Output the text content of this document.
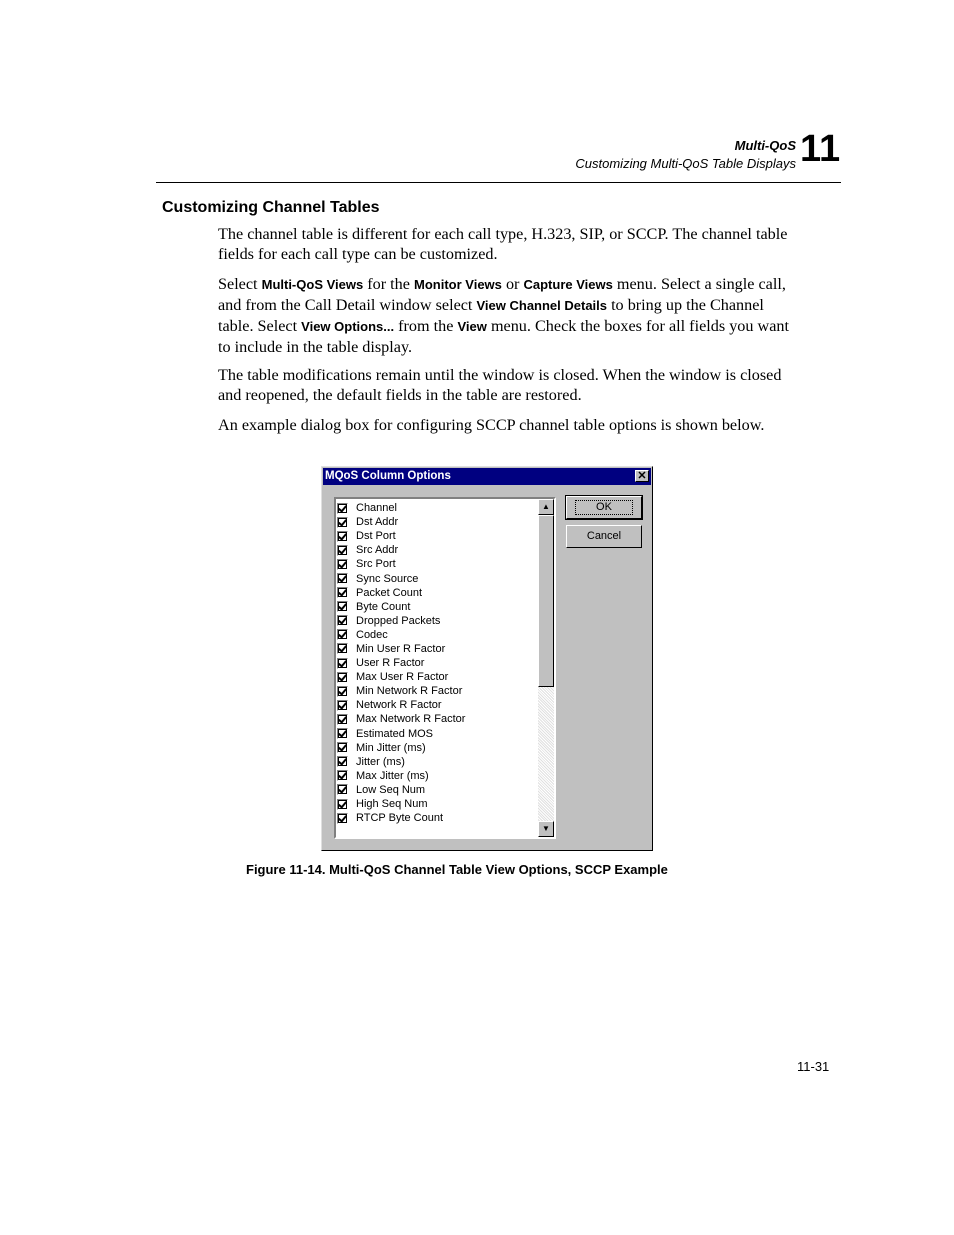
Multi-QoS
Customizing Multi-QoS Table Displays 11
Customizing Channel Tables
The channel table is different for each call type, H.323, SIP, or SCCP. The channel table fields for each call type can be customized.
Select Multi-QoS Views for the Monitor Views or Capture Views menu. Select a single call, and from the Call Detail window select View Channel Details to bring up the Channel table. Select View Options... from the View menu. Check the boxes for all fields you want to include in the table display.
The table modifications remain until the window is closed. When the window is closed and reopened, the default fields in the table are restored.
An example dialog box for configuring SCCP channel table options is shown below.
MQoS Column Options	✕
Channel
Dst Addr
Dst Port
Src Addr
Src Port
Sync Source
Packet Count
Byte Count
Dropped Packets
Codec
Min User R Factor
User R Factor
Max User R Factor
Min Network R Factor
Network R Factor
Max Network R Factor
Estimated MOS
Min Jitter (ms)
Jitter (ms)
Max Jitter (ms)
Low Seq Num
High Seq Num
RTCP Byte Count
▲
▼
OK
Cancel
Figure 11-14. Multi-QoS Channel Table View Options, SCCP Example
11-31
